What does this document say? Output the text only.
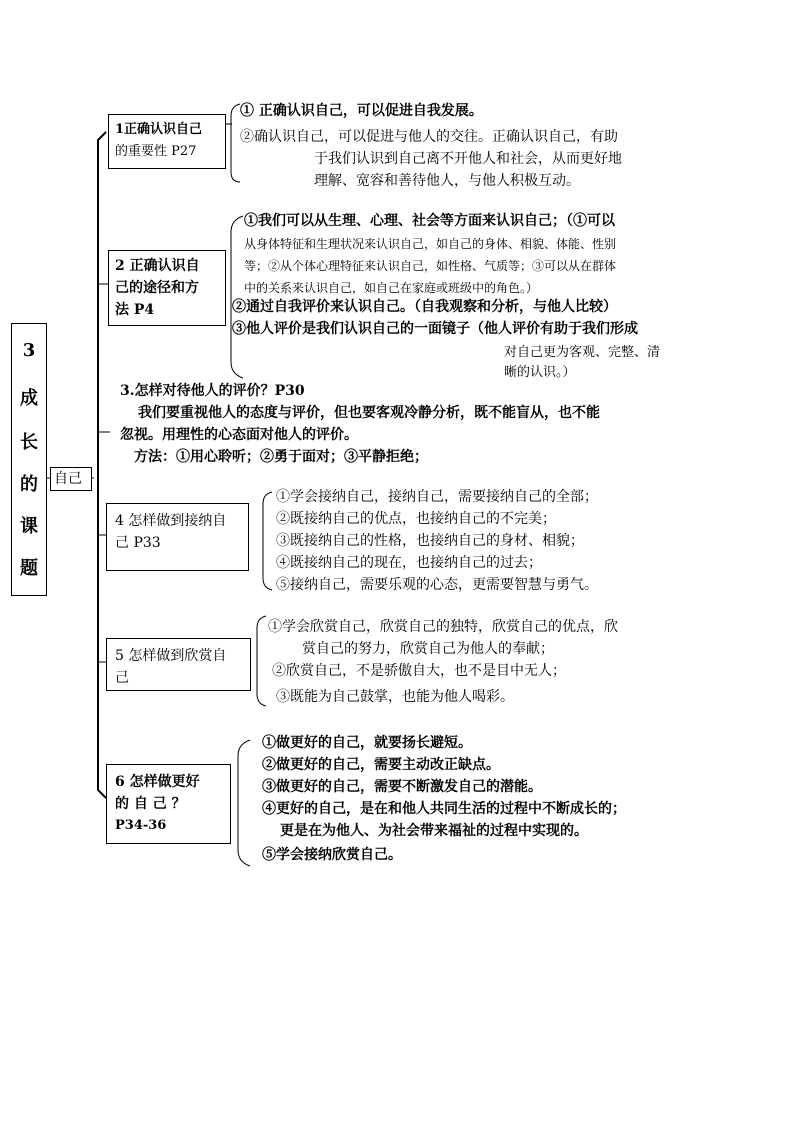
3
成
长
的
课
题
自己
1正确认识自己
的重要性 P27
① 正确认识自己，可以促进自我发展。
②确认识自己，可以促进与他人的交往。正确认识自己，有助
于我们认识到自己离不开他人和社会，从而更好地
理解、宽容和善待他人，与他人积极互动。
2 正确认识自
己的途径和方
法 P4
①我们可以从生理、心理、社会等方面来认识自己；（①可以
从身体特征和生理状况来认识自己，如自己的身体、相貌、体能、性别
等；②从个体心理特征来认识自己，如性格、气质等；③可以从在群体
中的关系来认识自己，如自己在家庭或班级中的角色。）
②通过自我评价来认识自己。（自我观察和分析，与他人比较）
③他人评价是我们认识自己的一面镜子（他人评价有助于我们形成
对自己更为客观、完整、清
晰的认识。）
3.怎样对待他人的评价？P30
我们要重视他人的态度与评价，但也要客观冷静分析，既不能盲从，也不能
忽视。用理性的心态面对他人的评价。
方法：①用心聆听；②勇于面对；③平静拒绝；
4 怎样做到接纳自
己 P33
①学会接纳自己，接纳自己，需要接纳自己的全部；
②既接纳自己的优点，也接纳自己的不完美；
③既接纳自己的性格，也接纳自己的身材、相貌；
④既接纳自己的现在，也接纳自己的过去；
⑤接纳自己，需要乐观的心态，更需要智慧与勇气。
5 怎样做到欣赏自
己
①学会欣赏自己，欣赏自己的独特，欣赏自己的优点，欣
赏自己的努力，欣赏自己为他人的奉献；
②欣赏自己，不是骄傲自大，也不是目中无人；
③既能为自己鼓掌，也能为他人喝彩。
6 怎样做更好
的 自 己 ？
P34-36
①做更好的自己，就要扬长避短。
②做更好的自己，需要主动改正缺点。
③做更好的自己，需要不断激发自己的潜能。
④更好的自己，是在和他人共同生活的过程中不断成长的；
更是在为他人、为社会带来福祉的过程中实现的。
⑤学会接纳欣赏自己。
